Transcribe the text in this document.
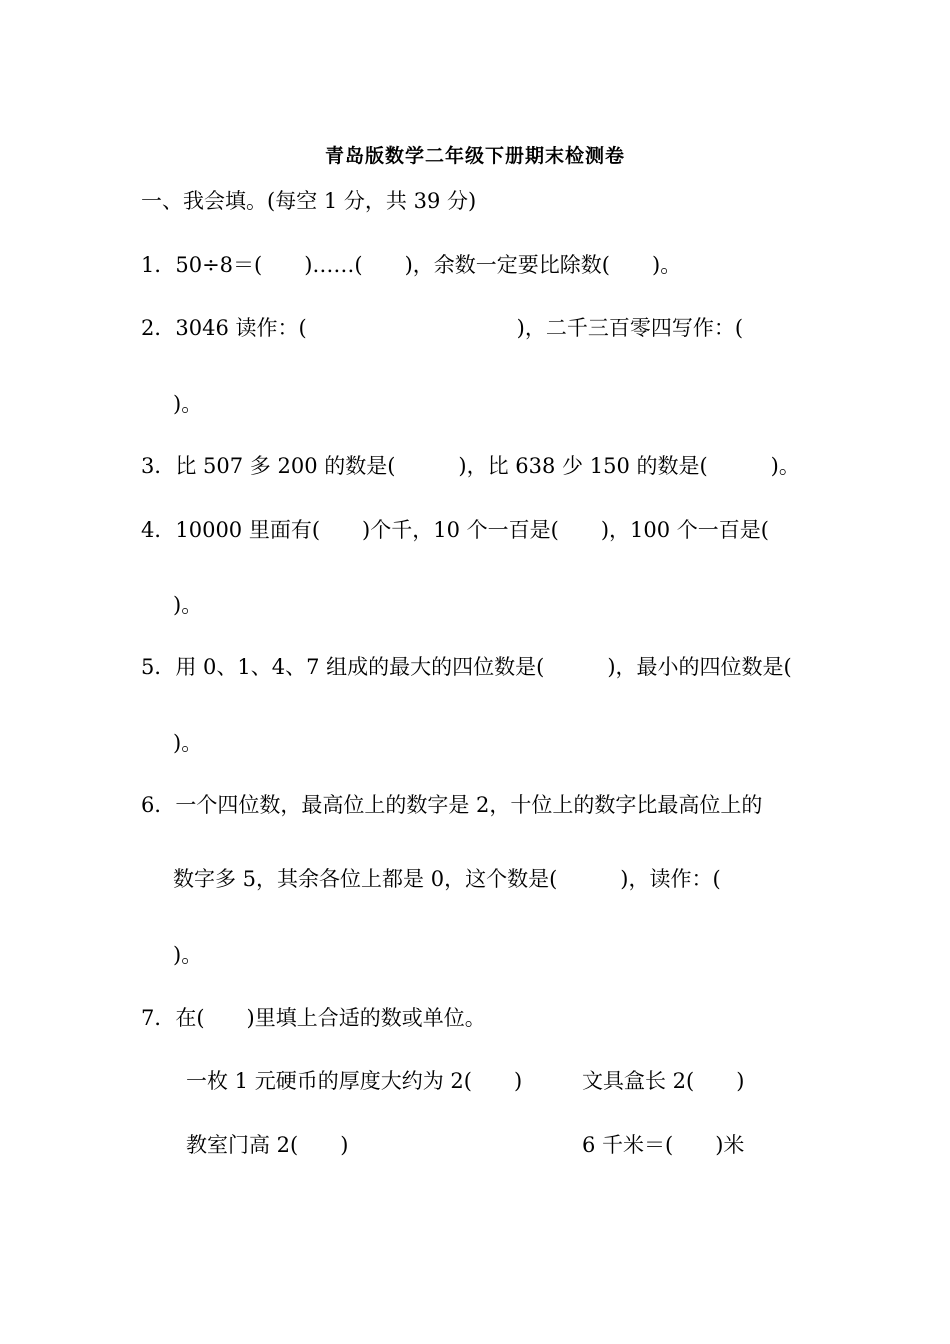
青岛版数学二年级下册期末检测卷
一、我会填。(每空 1 分，共 39 分)
1．50÷8＝(　　)……(　　)，余数一定要比除数(　　)。
2．3046 读作：(　　　　　　　　　　)，二千三百零四写作：(
)。
3．比 507 多 200 的数是(　　　)，比 638 少 150 的数是(　　　)。
4．10000 里面有(　　)个千，10 个一百是(　　)，100 个一百是(
)。
5．用 0、1、4、7 组成的最大的四位数是(　　　)，最小的四位数是(
)。
6．一个四位数，最高位上的数字是 2，十位上的数字比最高位上的
数字多 5，其余各位上都是 0，这个数是(　　　)，读作：(
)。
7．在(　　)里填上合适的数或单位。
一枚 1 元硬币的厚度大约为 2(　　)	文具盒长 2(　　)
教室门高 2(　　)	6 千米＝(　　)米
